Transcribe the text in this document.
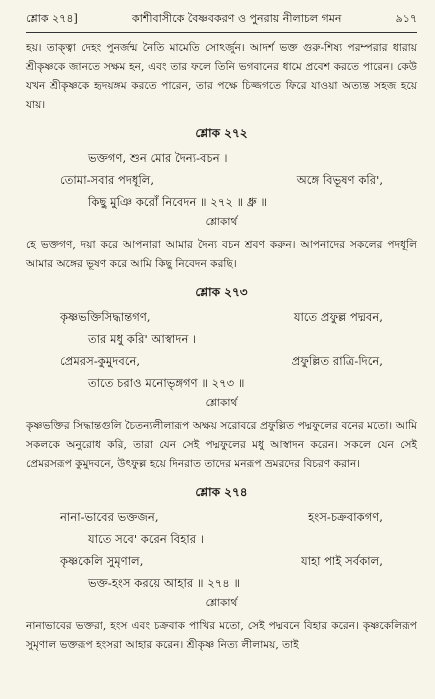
শ্লোক ২৭৪]	কাশীবাসীকে বৈষ্ণবকরণ ও পুনরায় নীলাচল গমন	৯১৭

হয়। তাক্ত্বা দেহং পুনর্জন্ম নৈতি মামেতি সোঽর্জুন। আদর্শ ভক্ত গুরু-শিষ্য পরম্পরার ধারায় শ্রীকৃষ্ণকে জানতে সক্ষম হন, এবং তার ফলে তিনি ভগবানের ধামে প্রবেশ করতে পারেন। কেউ যখন শ্রীকৃষ্ণকে হৃদয়ঙ্গম করতে পারেন, তার পক্ষে চিজ্জগতে ফিরে যাওয়া অত্যন্ত সহজ হয়ে যায়।

শ্লোক ২৭২
ভক্তগণ, শুন মোর দৈন্য-বচন ।
তোমা-সবার পদধূলি,	অঙ্গে বিভূষণ করি',
কিছু মুঞি করোঁ নিবেদন ॥ ২৭২ ॥ ধ্রু ॥
শ্লোকার্থ

হে ভক্তগণ, দয়া করে আপনারা আমার দৈন্য বচন শ্রবণ করুন। আপনাদের সকলের পদধূলি আমার অঙ্গের ভূষণ করে আমি কিছু নিবেদন করছি।

শ্লোক ২৭৩
কৃষ্ণভক্তিসিদ্ধান্তগণ,	যাতে প্রফুল্ল পদ্মবন,
তার মধু করি' আস্বাদন ।
প্রেমরস-কুমুদবনে,	প্রফুল্লিত রাত্রি-দিনে,
তাতে চরাও মনোভৃঙ্গগণ ॥ ২৭৩ ॥
শ্লোকার্থ

কৃষ্ণভক্তির সিদ্ধান্তগুলি চৈতন্যলীলারূপ অক্ষয় সরোবরে প্রফুল্লিত পদ্মফুলের বনের মতো। আমি সকলকে অনুরোধ করি, তারা যেন সেই পদ্মফুলের মধু আস্বাদন করেন। সকলে যেন সেই প্রেমরসরূপ কুমুদবনে, উৎফুল্ল হয়ে দিনরাত তাদের মনরূপ ভ্রমরদের বিচরণ করান।

শ্লোক ২৭৪
নানা-ভাবের ভক্তজন,	হংস-চক্রবাকগণ,
যাতে সবে' করেন বিহার ।
কৃষ্ণকেলি সুমৃণাল,	যাহা পাই সর্বকাল,
ভক্ত-হংস করয়ে আহার ॥ ২৭৪ ॥
শ্লোকার্থ

নানাভাবের ভক্তরা, হংস এবং চক্রবাক পাখির মতো, সেই পদ্মবনে বিহার করেন। কৃষ্ণকেলিরূপ সুমৃণাল ভক্তরূপ হংসরা আহার করেন। শ্রীকৃষ্ণ নিত্য লীলাময়, তাই
